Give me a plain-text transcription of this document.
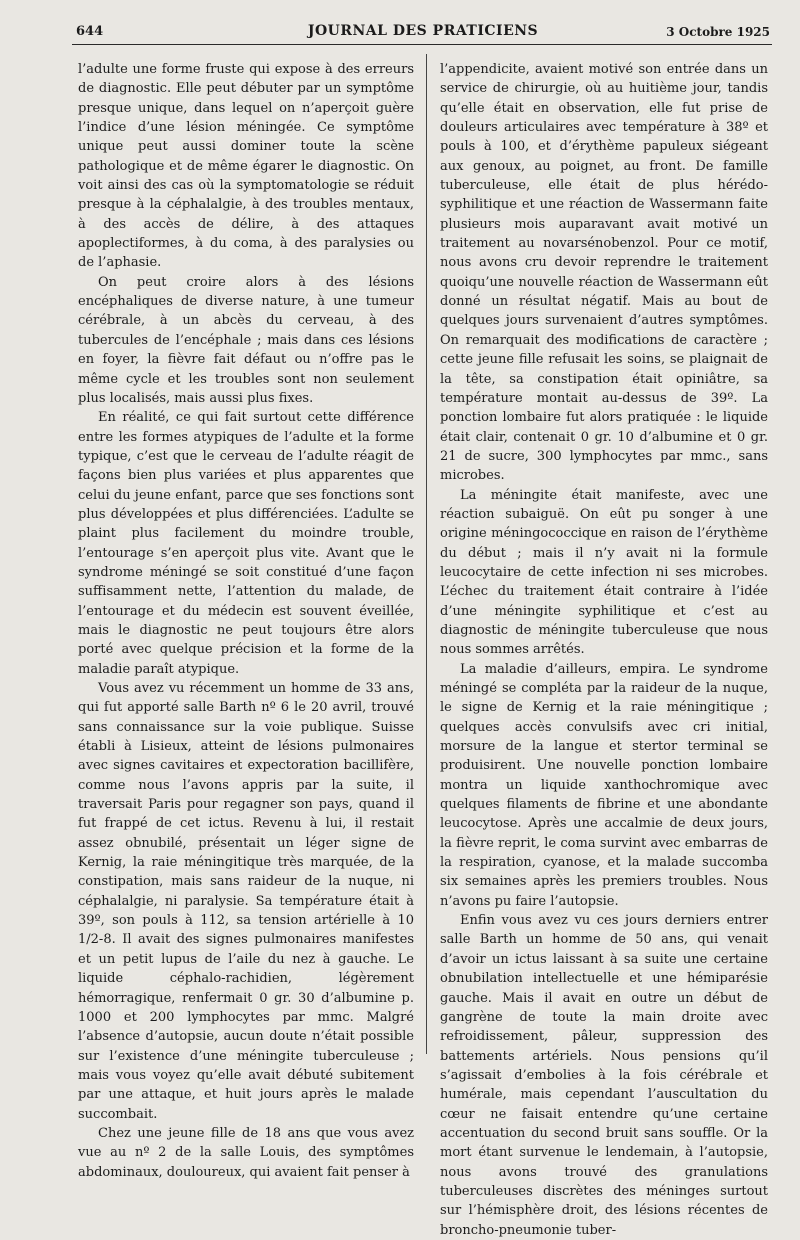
644	JOURNAL DES PRATICIENS	3 Octobre 1925

l’adulte une forme fruste qui expose à des erreurs de diagnostic. Elle peut débuter par un symptôme presque unique, dans lequel on n’aperçoit guère l’indice d’une lésion méningée. Ce symptôme unique peut aussi dominer toute la scène pathologique et de même égarer le diagnostic. On voit ainsi des cas où la symptomatologie se réduit presque à la céphalalgie, à des troubles mentaux, à des accès de délire, à des attaques apoplectiformes, à du coma, à des paralysies ou de l’aphasie.

On peut croire alors à des lésions encéphaliques de diverse nature, à une tumeur cérébrale, à un abcès du cerveau, à des tubercules de l’encéphale ; mais dans ces lésions en foyer, la fièvre fait défaut ou n’offre pas le même cycle et les troubles sont non seulement plus localisés, mais aussi plus fixes.

En réalité, ce qui fait surtout cette différence entre les formes atypiques de l’adulte et la forme typique, c’est que le cerveau de l’adulte réagit de façons bien plus variées et plus apparentes que celui du jeune enfant, parce que ses fonctions sont plus développées et plus différenciées. L’adulte se plaint plus facilement du moindre trouble, l’entourage s’en aperçoit plus vite. Avant que le syndrome méningé se soit constitué d’une façon suffisamment nette, l’attention du malade, de l’entourage et du médecin est souvent éveillée, mais le diagnostic ne peut toujours être alors porté avec quelque précision et la forme de la maladie paraît atypique.

Vous avez vu récemment un homme de 33 ans, qui fut apporté salle Barth nº 6 le 20 avril, trouvé sans connaissance sur la voie publique. Suisse établi à Lisieux, atteint de lésions pulmonaires avec signes cavitaires et expectoration bacillifère, comme nous l’avons appris par la suite, il traversait Paris pour regagner son pays, quand il fut frappé de cet ictus. Revenu à lui, il restait assez obnubilé, présentait un léger signe de Kernig, la raie méningitique très marquée, de la constipation, mais sans raideur de la nuque, ni céphalalgie, ni paralysie. Sa température était à 39º, son pouls à 112, sa tension artérielle à 10 1/2-8. Il avait des signes pulmonaires manifestes et un petit lupus de l’aile du nez à gauche. Le liquide céphalo-rachidien, légèrement hémorragique, renfermait 0 gr. 30 d’albumine p. 1000 et 200 lymphocytes par mmc. Malgré l’absence d’autopsie, aucun doute n’était possible sur l’existence d’une méningite tuberculeuse ; mais vous voyez qu’elle avait débuté subitement par une attaque, et huit jours après le malade succombait.

Chez une jeune fille de 18 ans que vous avez vue au nº 2 de la salle Louis, des symptômes abdominaux, douloureux, qui avaient fait penser à

l’appendicite, avaient motivé son entrée dans un service de chirurgie, où au huitième jour, tandis qu’elle était en observation, elle fut prise de douleurs articulaires avec température à 38º et pouls à 100, et d’érythème papuleux siégeant aux genoux, au poignet, au front. De famille tuberculeuse, elle était de plus hérédo-syphilitique et une réaction de Wassermann faite plusieurs mois auparavant avait motivé un traitement au novarsénobenzol. Pour ce motif, nous avons cru devoir reprendre le traitement quoiqu’une nouvelle réaction de Wassermann eût donné un résultat négatif. Mais au bout de quelques jours survenaient d’autres symptômes. On remarquait des modifications de caractère ; cette jeune fille refusait les soins, se plaignait de la tête, sa constipation était opiniâtre, sa température montait au-dessus de 39º. La ponction lombaire fut alors pratiquée : le liquide était clair, contenait 0 gr. 10 d’albumine et 0 gr. 21 de sucre, 300 lymphocytes par mmc., sans microbes.

La méningite était manifeste, avec une réaction subaiguë. On eût pu songer à une origine méningococcique en raison de l’érythème du début ; mais il n’y avait ni la formule leucocytaire de cette infection ni ses microbes. L’échec du traitement était contraire à l’idée d’une méningite syphilitique et c’est au diagnostic de méningite tuberculeuse que nous nous sommes arrêtés.

La maladie d’ailleurs, empira. Le syndrome méningé se compléta par la raideur de la nuque, le signe de Kernig et la raie méningitique ; quelques accès convulsifs avec cri initial, morsure de la langue et stertor terminal se produisirent. Une nouvelle ponction lombaire montra un liquide xanthochromique avec quelques filaments de fibrine et une abondante leucocytose. Après une accalmie de deux jours, la fièvre reprit, le coma survint avec embarras de la respiration, cyanose, et la malade succomba six semaines après les premiers troubles. Nous n’avons pu faire l’autopsie.

Enfin vous avez vu ces jours derniers entrer salle Barth un homme de 50 ans, qui venait d’avoir un ictus laissant à sa suite une certaine obnubilation intellectuelle et une hémiparésie gauche. Mais il avait en outre un début de gangrène de toute la main droite avec refroidissement, pâleur, suppression des battements artériels. Nous pensions qu’il s’agissait d’embolies à la fois cérébrale et humérale, mais cependant l’auscultation du cœur ne faisait entendre qu’une certaine accentuation du second bruit sans souffle. Or la mort étant survenue le lendemain, à l’autopsie, nous avons trouvé des granulations tuberculeuses discrètes des méninges surtout sur l’hémisphère droit, des lésions récentes de broncho-pneumonie tuber-
